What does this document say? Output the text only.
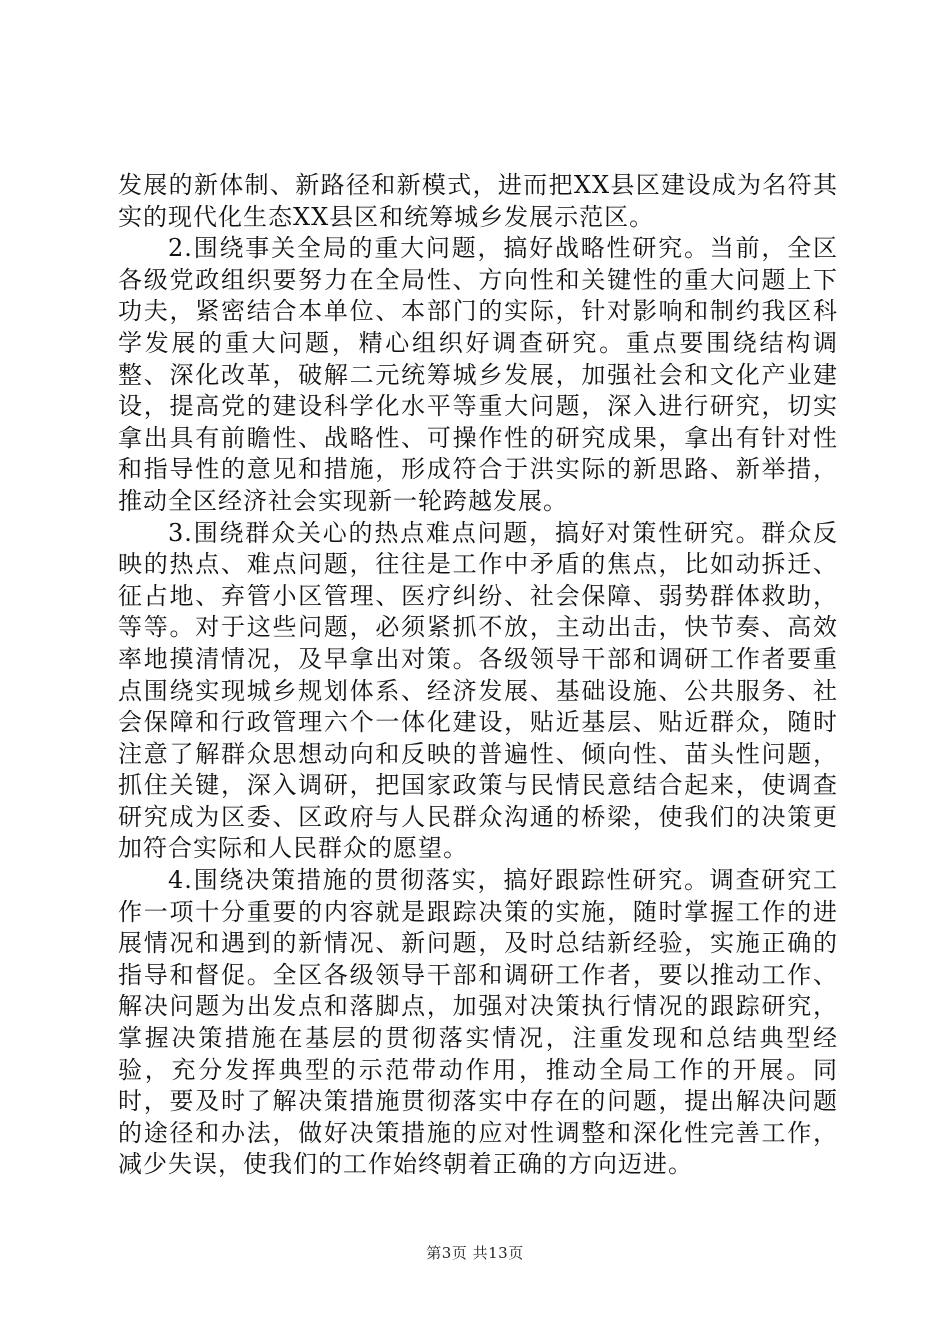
发展的新体制、新路径和新模式，进而把XX县区建设成为名符其实的现代化生态XX县区和统筹城乡发展示范区。

2.围绕事关全局的重大问题，搞好战略性研究。当前，全区各级党政组织要努力在全局性、方向性和关键性的重大问题上下功夫，紧密结合本单位、本部门的实际，针对影响和制约我区科学发展的重大问题，精心组织好调查研究。重点要围绕结构调整、深化改革，破解二元统筹城乡发展，加强社会和文化产业建设，提高党的建设科学化水平等重大问题，深入进行研究，切实拿出具有前瞻性、战略性、可操作性的研究成果，拿出有针对性和指导性的意见和措施，形成符合于洪实际的新思路、新举措，推动全区经济社会实现新一轮跨越发展。

3.围绕群众关心的热点难点问题，搞好对策性研究。群众反映的热点、难点问题，往往是工作中矛盾的焦点，比如动拆迁、征占地、弃管小区管理、医疗纠纷、社会保障、弱势群体救助，等等。对于这些问题，必须紧抓不放，主动出击，快节奏、高效率地摸清情况，及早拿出对策。各级领导干部和调研工作者要重点围绕实现城乡规划体系、经济发展、基础设施、公共服务、社会保障和行政管理六个一体化建设，贴近基层、贴近群众，随时注意了解群众思想动向和反映的普遍性、倾向性、苗头性问题，抓住关键，深入调研，把国家政策与民情民意结合起来，使调查研究成为区委、区政府与人民群众沟通的桥梁，使我们的决策更加符合实际和人民群众的愿望。

4.围绕决策措施的贯彻落实，搞好跟踪性研究。调查研究工作一项十分重要的内容就是跟踪决策的实施，随时掌握工作的进展情况和遇到的新情况、新问题，及时总结新经验，实施正确的指导和督促。全区各级领导干部和调研工作者，要以推动工作、解决问题为出发点和落脚点，加强对决策执行情况的跟踪研究，掌握决策措施在基层的贯彻落实情况，注重发现和总结典型经验，充分发挥典型的示范带动作用，推动全局工作的开展。同时，要及时了解决策措施贯彻落实中存在的问题，提出解决问题的途径和办法，做好决策措施的应对性调整和深化性完善工作，减少失误，使我们的工作始终朝着正确的方向迈进。

第3页 共13页
